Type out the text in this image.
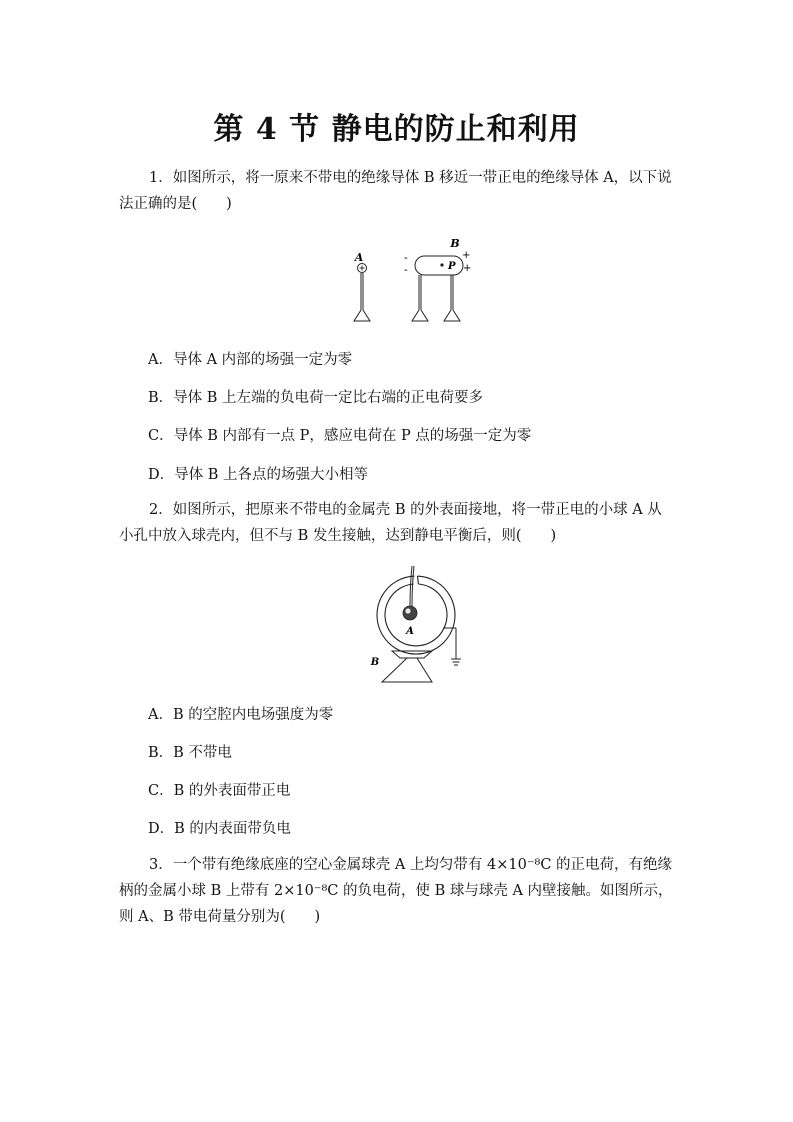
第 4 节 静电的防止和利用
1．如图所示，将一原来不带电的绝缘导体 B 移近一带正电的绝缘导体 A，以下说法正确的是(　　)
A
B
P
+
+
-
-
A．导体 A 内部的场强一定为零
B．导体 B 上左端的负电荷一定比右端的正电荷要多
C．导体 B 内部有一点 P，感应电荷在 P 点的场强一定为零
D．导体 B 上各点的场强大小相等
2．如图所示，把原来不带电的金属壳 B 的外表面接地，将一带正电的小球 A 从小孔中放入球壳内，但不与 B 发生接触，达到静电平衡后，则(　　)
A
B
A．B 的空腔内电场强度为零
B．B 不带电
C．B 的外表面带正电
D．B 的内表面带负电
3．一个带有绝缘底座的空心金属球壳 A 上均匀带有 4×10⁻⁸C 的正电荷，有绝缘柄的金属小球 B 上带有 2×10⁻⁸C 的负电荷，使 B 球与球壳 A 内壁接触。如图所示，则 A、B 带电荷量分别为(　　)
